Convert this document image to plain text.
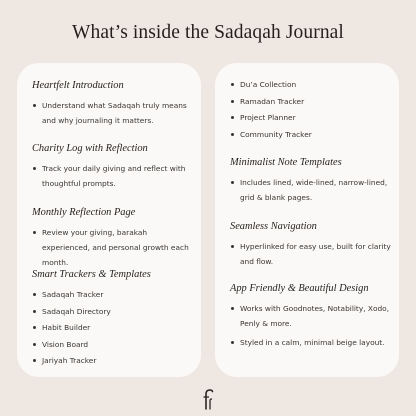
What’s inside the Sadaqah Journal
Heartfelt Introduction
Understand what Sadaqah truly means and why journaling it matters.
Charity Log with Reflection
Track your daily giving and reflect with thoughtful prompts.
Monthly Reflection Page
Review your giving, barakah experienced, and personal growth each month.
Smart Trackers & Templates
Sadaqah Tracker
Sadaqah Directory
Habit Builder
Vision Board
Jariyah Tracker
Du’a Collection
Ramadan Tracker
Project Planner
Community Tracker
Minimalist Note Templates
Includes lined, wide-lined, narrow-lined, grid & blank pages.
Seamless Navigation
Hyperlinked for easy use, built for clarity and flow.
App Friendly & Beautiful Design
Works with Goodnotes, Notability, Xodo, Penly & more.
Styled in a calm, minimal beige layout.
